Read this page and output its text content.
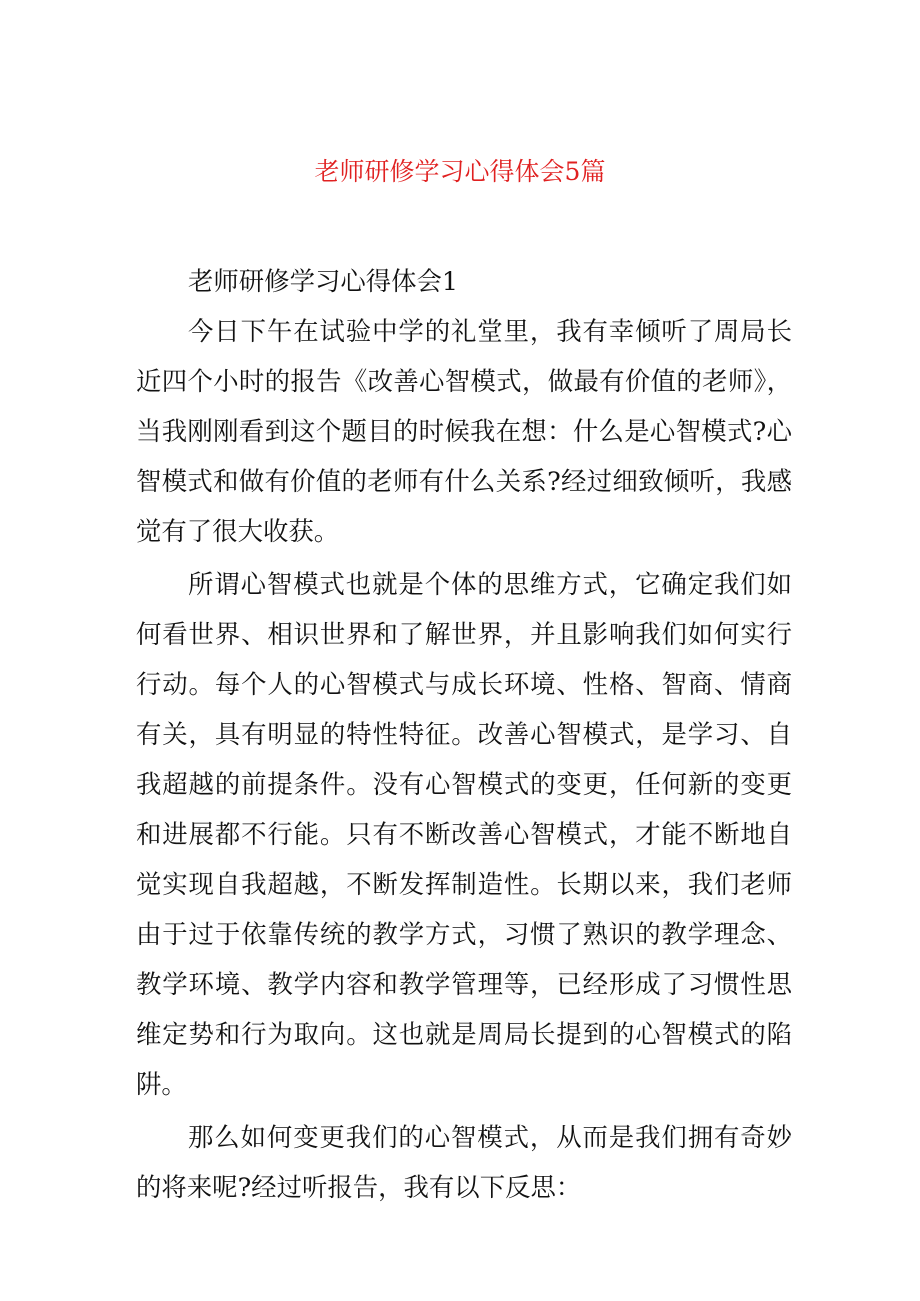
老师研修学习心得体会5篇

老师研修学习心得体会1

今日下午在试验中学的礼堂里，我有幸倾听了周局长近四个小时的报告《改善心智模式，做最有价值的老师》，当我刚刚看到这个题目的时候我在想：什么是心智模式?心智模式和做有价值的老师有什么关系?经过细致倾听，我感觉有了很大收获。

所谓心智模式也就是个体的思维方式，它确定我们如何看世界、相识世界和了解世界，并且影响我们如何实行行动。每个人的心智模式与成长环境、性格、智商、情商有关，具有明显的特性特征。改善心智模式，是学习、自我超越的前提条件。没有心智模式的变更，任何新的变更和进展都不行能。只有不断改善心智模式，才能不断地自觉实现自我超越，不断发挥制造性。长期以来，我们老师由于过于依靠传统的教学方式，习惯了熟识的教学理念、教学环境、教学内容和教学管理等，已经形成了习惯性思维定势和行为取向。这也就是周局长提到的心智模式的陷阱。

那么如何变更我们的心智模式，从而是我们拥有奇妙的将来呢?经过听报告，我有以下反思：
